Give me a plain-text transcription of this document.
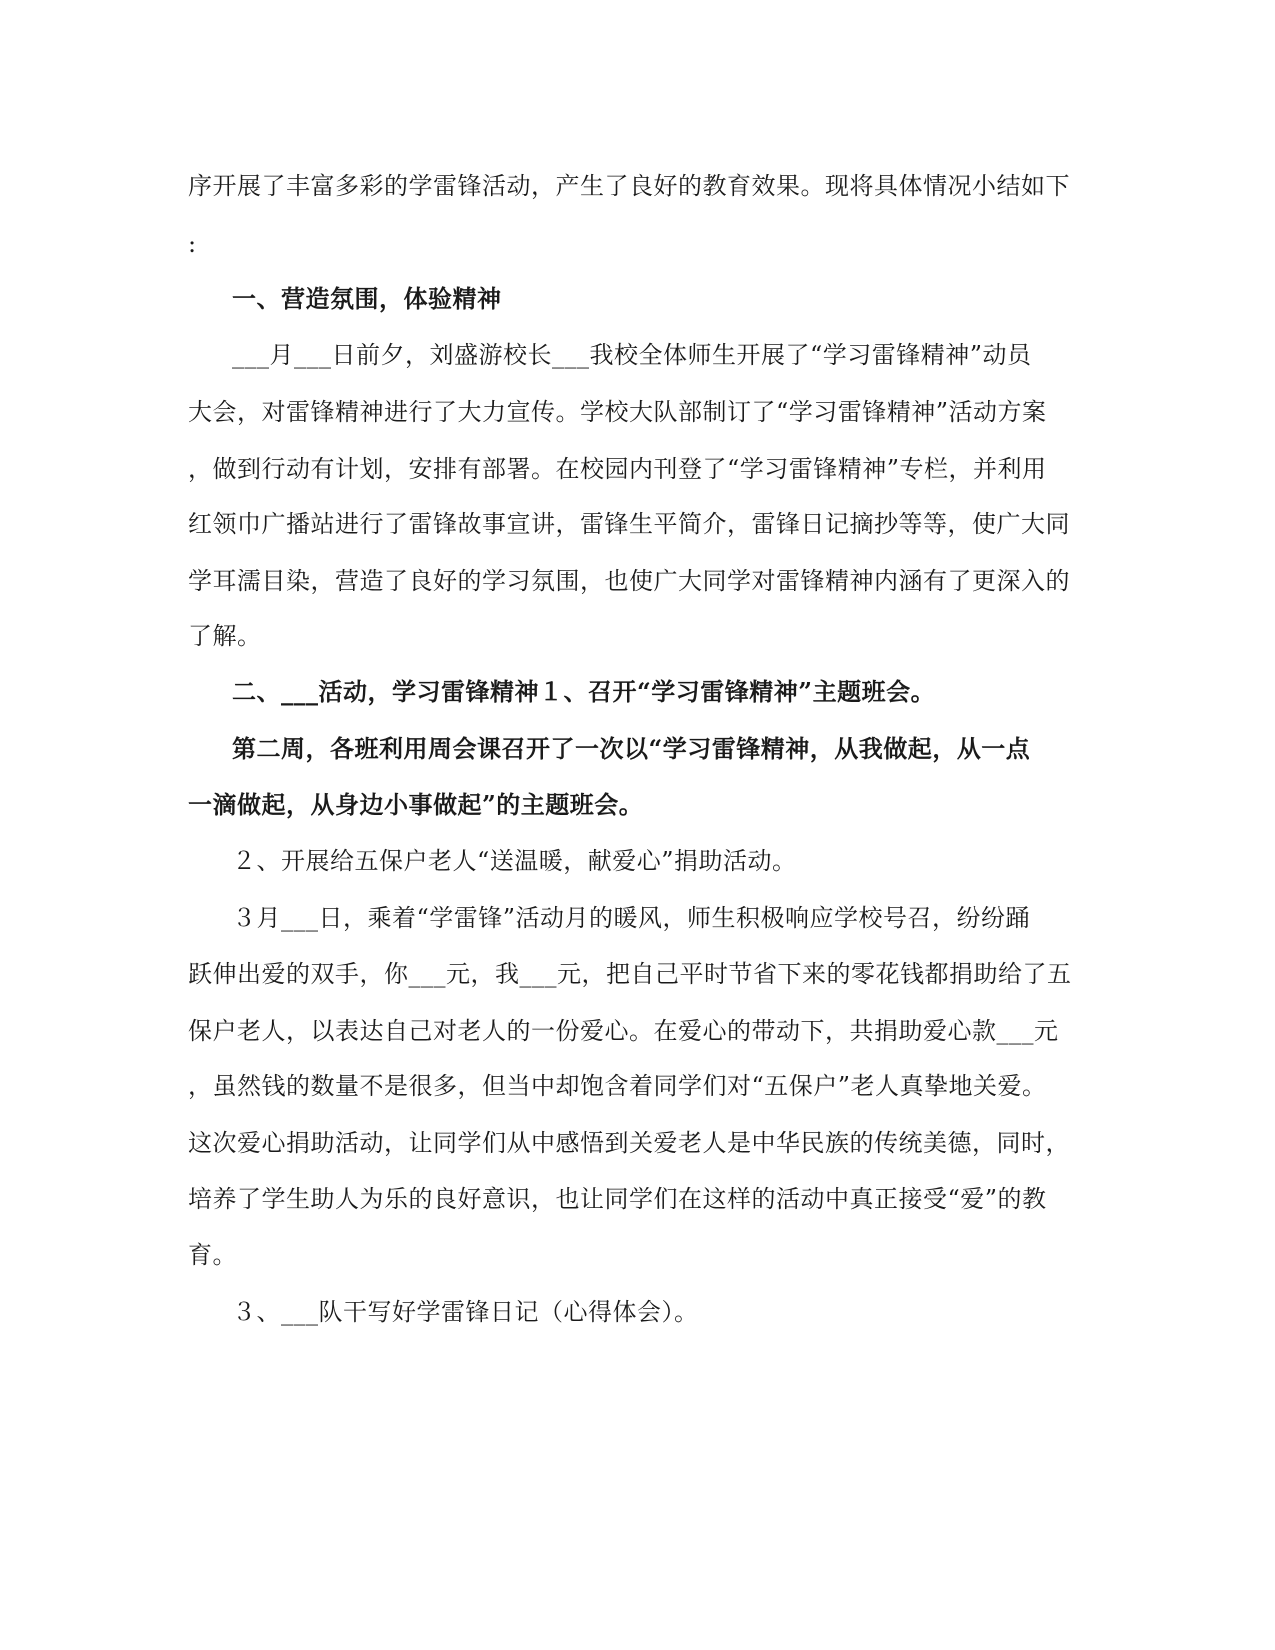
序开展了丰富多彩的学雷锋活动，产生了良好的教育效果。现将具体情况小结如下
:
一、营造氛围，体验精神
___月___日前夕，刘盛游校长___我校全体师生开展了“学习雷锋精神”动员
大会，对雷锋精神进行了大力宣传。学校大队部制订了“学习雷锋精神”活动方案
，做到行动有计划，安排有部署。在校园内刊登了“学习雷锋精神”专栏，并利用
红领巾广播站进行了雷锋故事宣讲，雷锋生平简介，雷锋日记摘抄等等，使广大同
学耳濡目染，营造了良好的学习氛围，也使广大同学对雷锋精神内涵有了更深入的
了解。
二、___活动，学习雷锋精神１、召开“学习雷锋精神”主题班会。
第二周，各班利用周会课召开了一次以“学习雷锋精神，从我做起，从一点
一滴做起，从身边小事做起”的主题班会。
２、开展给五保户老人“送温暖，献爱心”捐助活动。
３月___日，乘着“学雷锋”活动月的暖风，师生积极响应学校号召，纷纷踊
跃伸出爱的双手，你___元，我___元，把自己平时节省下来的零花钱都捐助给了五
保户老人，以表达自己对老人的一份爱心。在爱心的带动下，共捐助爱心款___元
，虽然钱的数量不是很多，但当中却饱含着同学们对“五保户”老人真挚地关爱。
这次爱心捐助活动，让同学们从中感悟到关爱老人是中华民族的传统美德，同时，
培养了学生助人为乐的良好意识，也让同学们在这样的活动中真正接受“爱”的教
育。
３、___队干写好学雷锋日记（心得体会）。
